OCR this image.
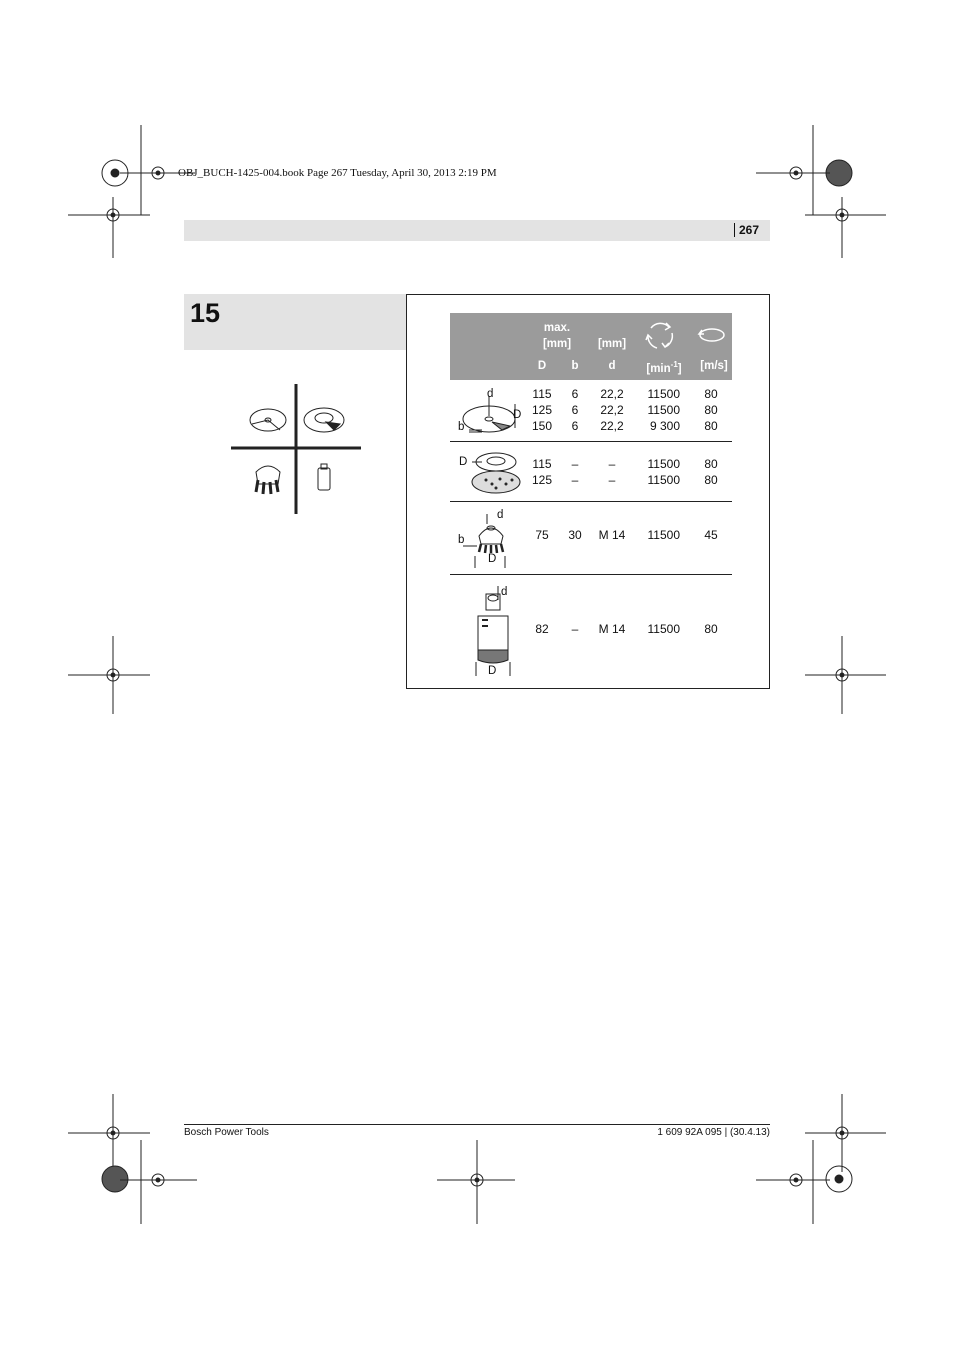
OBJ_BUCH-1425-004.book Page 267 Tuesday, April 30, 2013 2:19 PM
267
15	max.
[mm] [mm]
D b	d	$[\min^{-1}]$ [m/s]
115 6 22,2 11500 80
125 6 22,2 11500 80
150 6 22,2 9 300 80
d
D
b
115 –	–	11500 80
125 –	–	11500 80
D
75 30 M 14 11500 45
d
b
D
82 – M 14 11500 80
d
D
Bosch Power Tools	1 609 92A 095 | (30.4.13)
